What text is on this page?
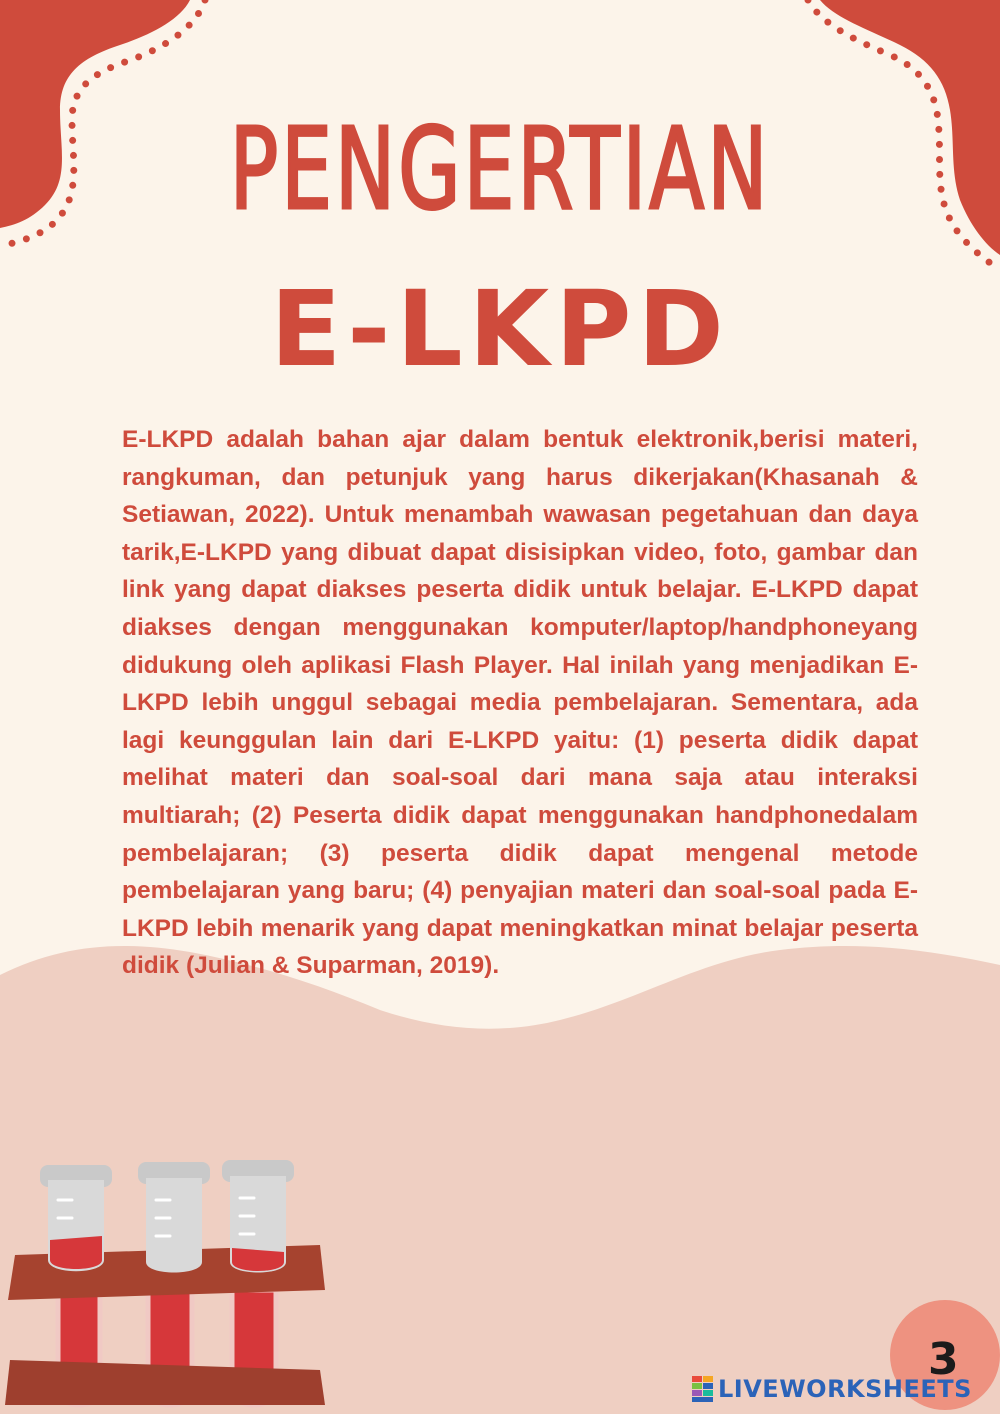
PENGERTIAN
E-LKPD

E-LKPD adalah bahan ajar dalam bentuk elektronik,berisi materi, rangkuman, dan petunjuk yang harus dikerjakan(Khasanah & Setiawan, 2022). Untuk menambah wawasan pegetahuan dan daya tarik,E-LKPD yang dibuat dapat disisipkan video, foto, gambar dan link yang dapat diakses peserta didik untuk belajar. E-LKPD dapat diakses dengan menggunakan komputer/laptop/handphoneyang didukung oleh aplikasi Flash Player. Hal inilah yang menjadikan E-LKPD lebih unggul sebagai media pembelajaran. Sementara, ada lagi keunggulan lain dari E-LKPD yaitu: (1) peserta didik dapat melihat materi dan soal-soal dari mana saja atau interaksi multiarah; (2) Peserta didik dapat menggunakan handphonedalam pembelajaran; (3) peserta didik dapat mengenal metode pembelajaran yang baru; (4) penyajian materi dan soal-soal pada E-LKPD lebih menarik yang dapat meningkatkan minat belajar peserta didik (Julian & Suparman, 2019).

3
LIVEWORKSHEETS
